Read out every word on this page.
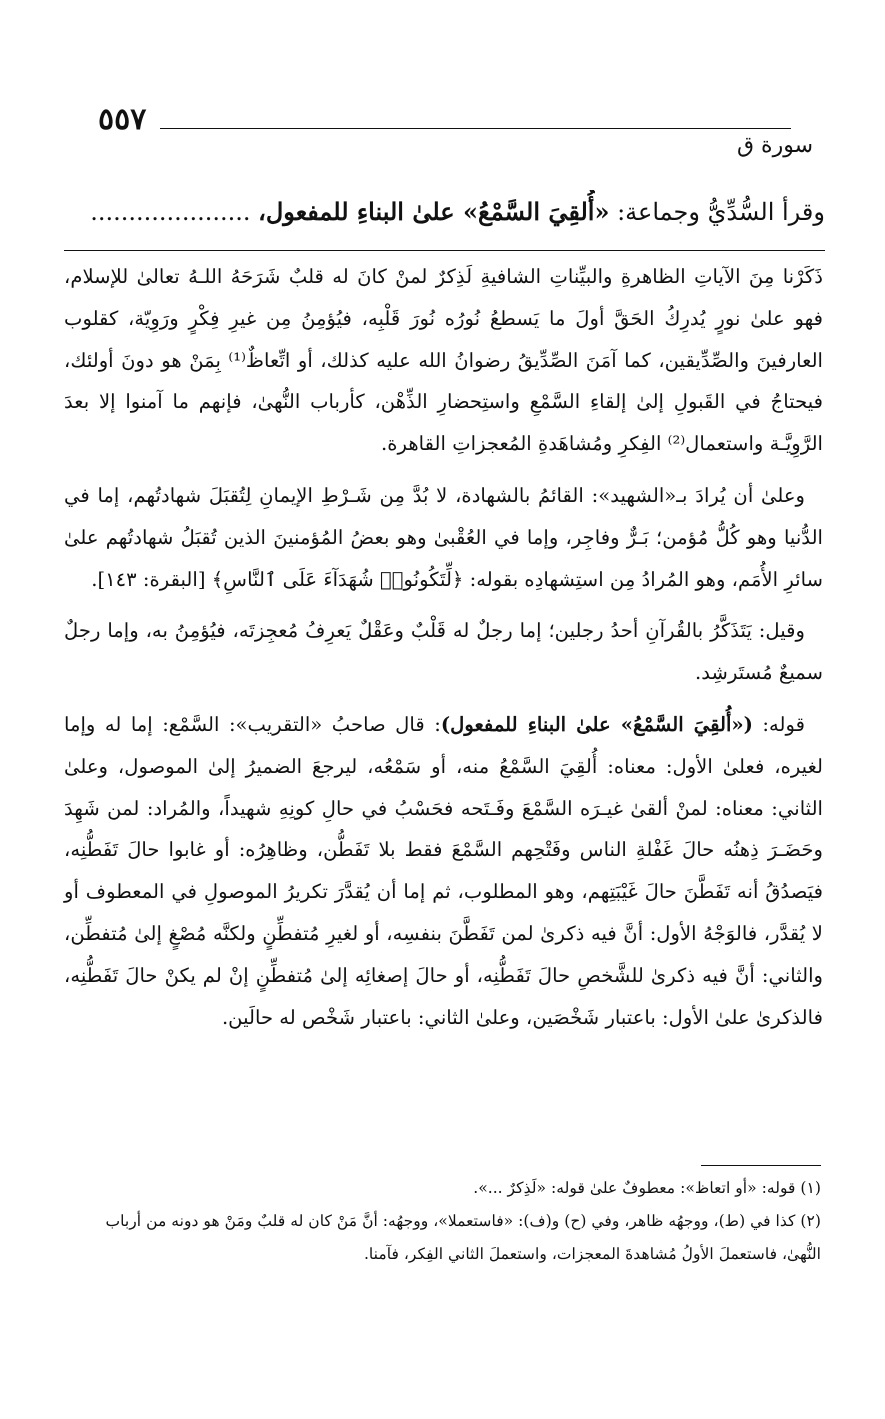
٥٥٧
سورة ق
وقرأ السُّدِّيُّ وجماعة: «أُلقِيَ السَّمْعُ» علىٰ البناءِ للمفعول، .....................

ذَكَرْنا مِنَ الآياتِ الظاهرةِ والبيِّناتِ الشافيةِ لَذِكرٌ لمنْ كانَ له قلبٌ شَرَحَهُ اللـهُ تعالىٰ للإسلام، فهو علىٰ نورٍ يُدرِكُ الحَقَّ أولَ ما يَسطعُ نُورُه نُورَ قَلْبِه، فيُؤمِنُ مِن غيرِ فِكْرٍ ورَوِيّة، كقلوب العارفينَ والصِّدِّيقين، كما آمَنَ الصِّدِّيقُ رضوانُ الله عليه كذلك، أو اتِّعاظٌ⁽¹⁾ بِمَنْ هو دونَ أولئك، فيحتاجُ في القَبولِ إلىٰ إلقاءِ السَّمْعِ واستِحضارِ الذِّهْن، كأرباب النُّهىٰ، فإنهم ما آمنوا إلا بعدَ الرَّوِيَّـة واستعمال⁽²⁾ الفِكرِ ومُشاهَدةِ المُعجزاتِ القاهرة.

وعلىٰ أن يُرادَ بـ«الشهيد»: القائمُ بالشهادة، لا بُدَّ مِن شَـرْطِ الإيمانِ لِتُقبَلَ شهادتُهم، إما في الدُّنيا وهو كُلُّ مُؤمن؛ بَـرٌّ وفاجِر، وإما في العُقْبىٰ وهو بعضُ المُؤمنينَ الذين تُقبَلُ شهادتُهم علىٰ سائرِ الأُمَم، وهو المُرادُ مِن استِشهادِه بقوله: ﴿لِّتَكُونُوا۟ شُهَدَآءَ عَلَى ٱلنَّاسِ﴾ [البقرة: ١٤٣].

وقيل: يَتَذَكَّرُ بالقُرآنِ أحدُ رجلين؛ إما رجلٌ له قَلْبٌ وعَقْلٌ يَعرِفُ مُعجِزتَه، فيُؤمِنُ به، وإما رجلٌ سميعٌ مُستَرشِد.

قوله: («أُلقِيَ السَّمْعُ» علىٰ البناءِ للمفعول): قال صاحبُ «التقريب»: السَّمْع: إما له وإما لغيره، فعلىٰ الأول: معناه: أُلقِيَ السَّمْعُ منه، أو سَمْعُه، ليرجعَ الضميرُ إلىٰ الموصول، وعلىٰ الثاني: معناه: لمنْ ألقىٰ غيـرَه السَّمْعَ وفَـتَحه فحَسْبُ في حالِ كونِهِ شهيداً، والمُراد: لمن شَهِدَ وحَضَـرَ ذِهنُه حالَ غَفْلةِ الناس وفَتْحِهم السَّمْعَ فقط بلا تَفَطُّن، وظاهِرُه: أو غابوا حالَ تَفَطُّنِه، فيَصدُقُ أنه تَفَطَّنَ حالَ غَيْبَتِهم، وهو المطلوب، ثم إما أن يُقدَّرَ تكريرُ الموصولِ في المعطوف أو لا يُقدَّر، فالوَجْهُ الأول: أنَّ فيه ذكرىٰ لمن تَفَطَّنَ بنفسِه، أو لغيرِ مُتفطِّنٍ ولكنَّه مُصْغٍ إلىٰ مُتفطِّن، والثاني: أنَّ فيه ذكرىٰ للشَّخصِ حالَ تَفَطُّنِه، أو حالَ إصغائِه إلىٰ مُتفطِّنٍ إنْ لم يكنْ حالَ تَفَطُّنِه، فالذكرىٰ علىٰ الأول: باعتبار شَخْصَين، وعلىٰ الثاني: باعتبار شَخْص له حالَين.

(١) قوله: «أو اتعاظ»: معطوفٌ علىٰ قوله: «لَذِكرٌ ...».

(٢) كذا في (ط)، ووجهُه ظاهر، وفي (ح) و(ف): «فاستعملا»، ووجهُه: أنَّ مَنْ كان له قلبٌ ومَنْ هو دونه من أرباب النُّهىٰ، فاستعملَ الأولُ مُشاهدةَ المعجزات، واستعملَ الثاني الفِكر، فآمنا.
